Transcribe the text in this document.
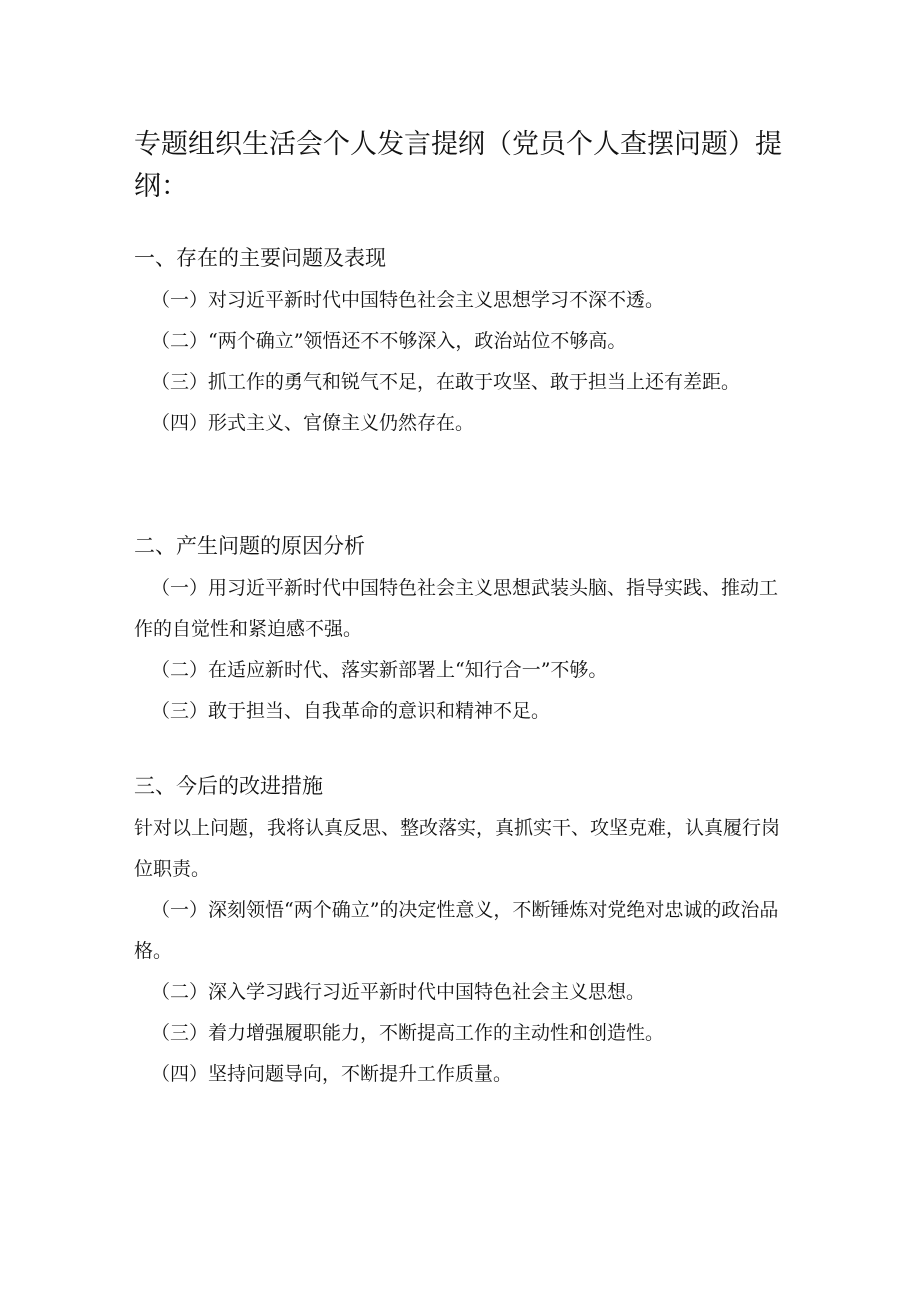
专题组织生活会个人发言提纲（党员个人查摆问题）提纲：
一、存在的主要问题及表现

（一）对习近平新时代中国特色社会主义思想学习不深不透。

（二）“两个确立”领悟还不不够深入，政治站位不够高。

（三）抓工作的勇气和锐气不足，在敢于攻坚、敢于担当上还有差距。

（四）形式主义、官僚主义仍然存在。

二、产生问题的原因分析

（一）用习近平新时代中国特色社会主义思想武装头脑、指导实践、推动工作的自觉性和紧迫感不强。

（二）在适应新时代、落实新部署上“知行合一”不够。

（三）敢于担当、自我革命的意识和精神不足。

三、今后的改进措施

针对以上问题，我将认真反思、整改落实，真抓实干、攻坚克难，认真履行岗位职责。

（一）深刻领悟“两个确立”的决定性意义，不断锤炼对党绝对忠诚的政治品格。

（二）深入学习践行习近平新时代中国特色社会主义思想。

（三）着力增强履职能力，不断提高工作的主动性和创造性。

（四）坚持问题导向，不断提升工作质量。
